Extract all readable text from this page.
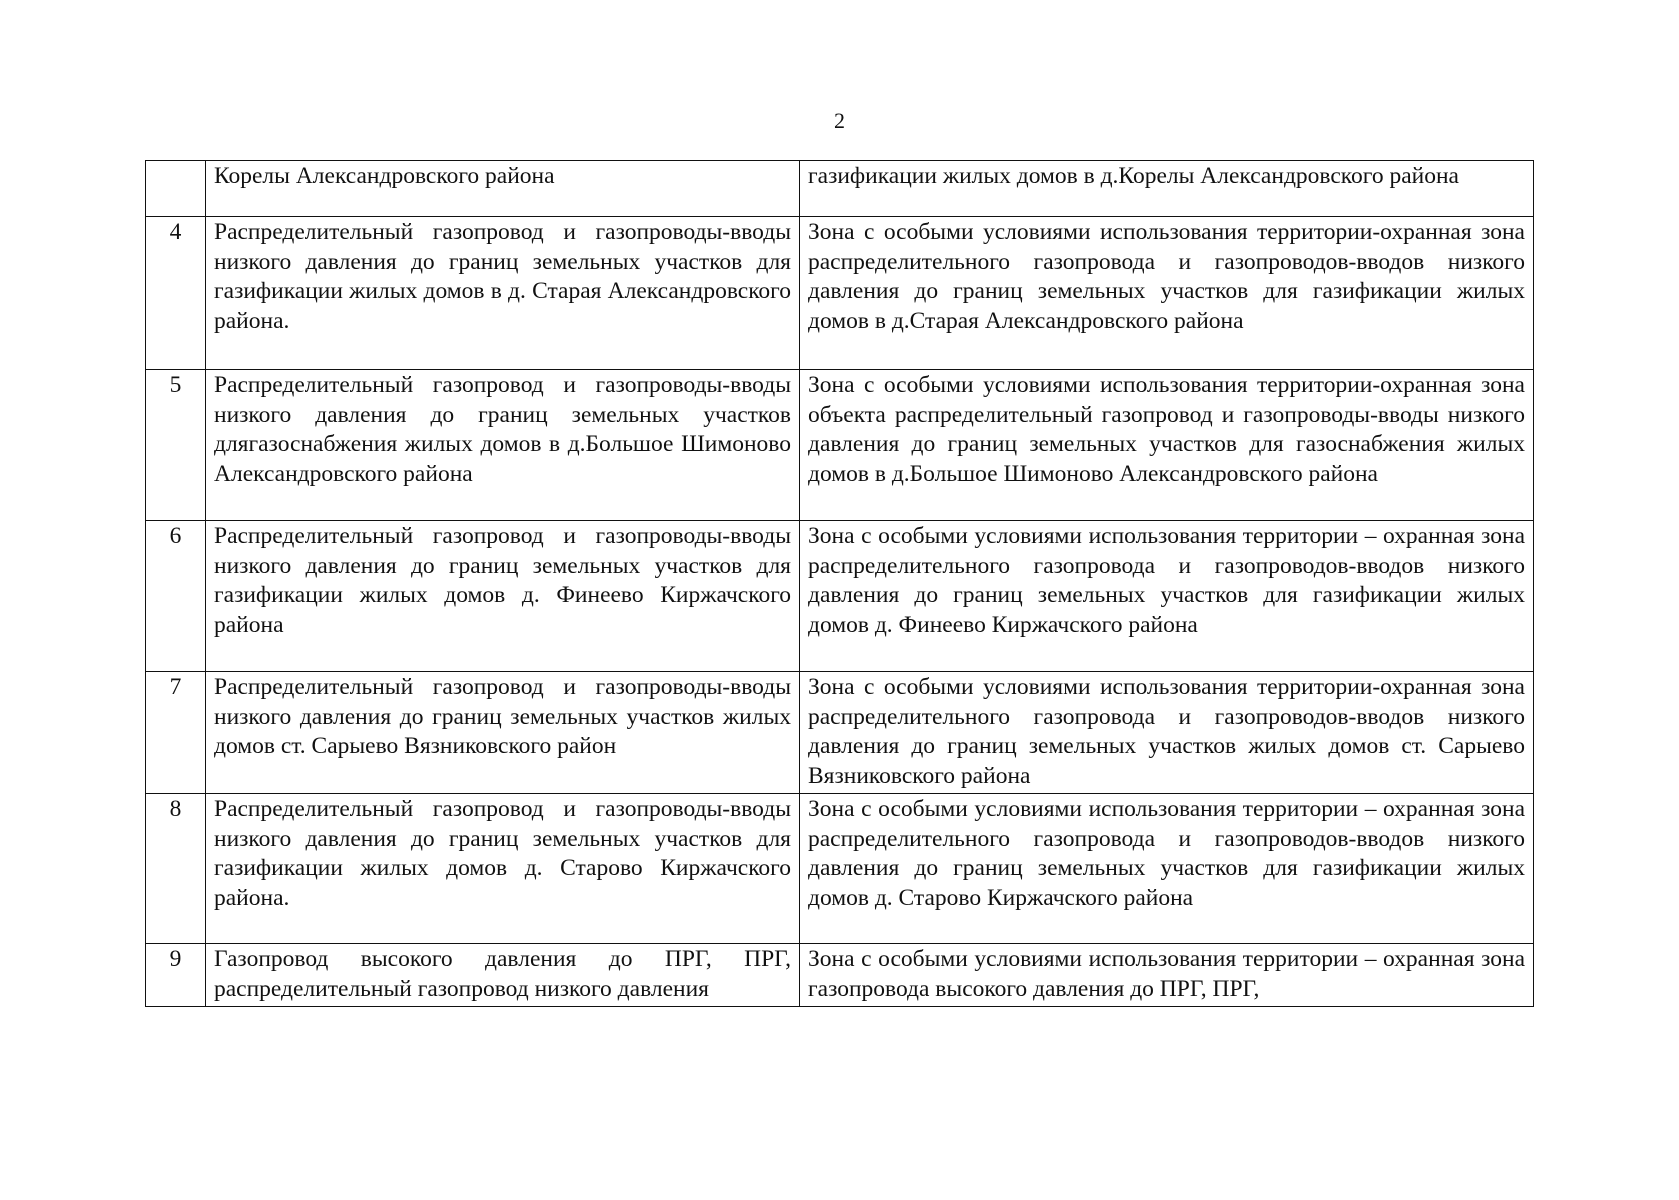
2
	Корелы Александровского района	газификации жилых домов в д.Корелы Александровского района
4	Распределительный газопровод и газопроводы-вводы низкого давления до границ земельных участков для газификации жилых домов в д. Старая Александровского района.	Зона с особыми условиями использования территории-охранная зона распределительного газопровода и газопроводов-вводов низкого давления до границ земельных участков для газификации жилых домов в д.Старая Александровского района
5	Распределительный газопровод и газопроводы-вводы низкого давления до границ земельных участков длягазоснабжения жилых домов в д.Большое Шимоново Александровского района	Зона с особыми условиями использования территории-охранная зона объекта распределительный газопровод и газопроводы-вводы низкого давления до границ земельных участков для газоснабжения жилых домов в д.Большое Шимоново Александровского района
6	Распределительный газопровод и газопроводы-вводы низкого давления до границ земельных участков для газификации жилых домов д. Финеево Киржачского района	Зона с особыми условиями использования территории – охранная зона распределительного газопровода и газопроводов-вводов низкого давления до границ земельных участков для газификации жилых домов д. Финеево Киржачского района
7	Распределительный газопровод и газопроводы-вводы низкого давления до границ земельных участков жилых домов ст. Сарыево Вязниковского район	Зона с особыми условиями использования территории-охранная зона распределительного газопровода и газопроводов-вводов низкого давления до границ земельных участков жилых домов ст. Сарыево Вязниковского района
8	Распределительный газопровод и газопроводы-вводы низкого давления до границ земельных участков для газификации жилых домов д. Старово Киржачского района.	Зона с особыми условиями использования территории – охранная зона распределительного газопровода и газопроводов-вводов низкого давления до границ земельных участков для газификации жилых домов д. Старово Киржачского района
9	Газопровод высокого давления до ПРГ, ПРГ, распределительный газопровод низкого давления	Зона с особыми условиями использования территории – охранная зона газопровода высокого давления до ПРГ, ПРГ,
